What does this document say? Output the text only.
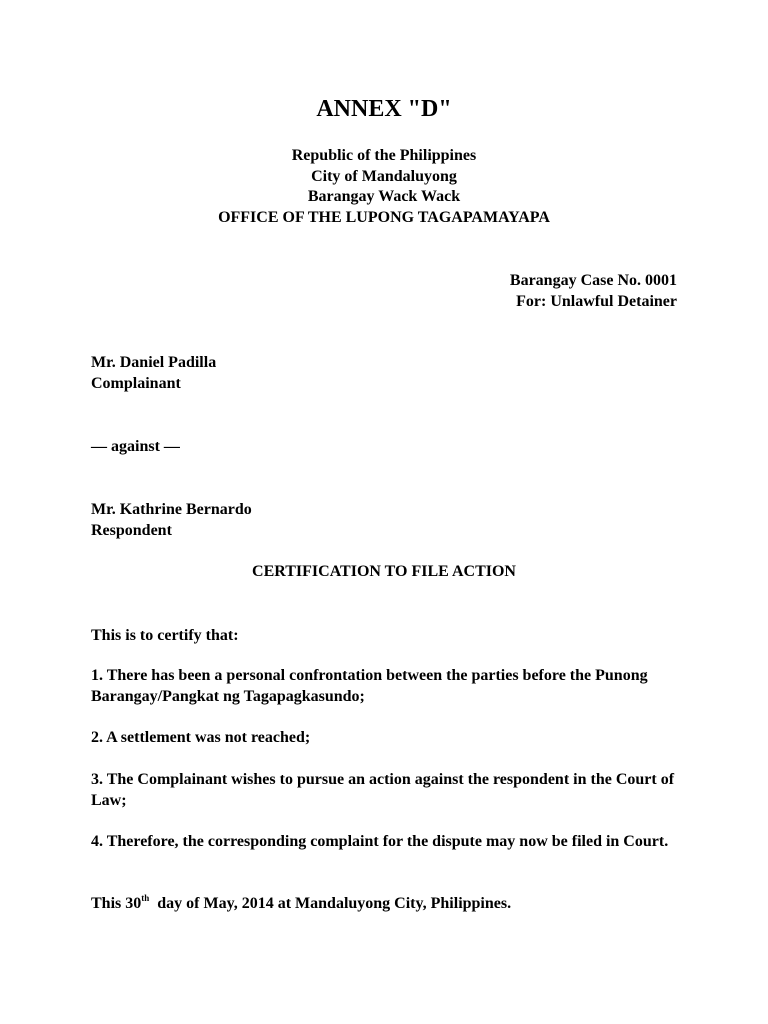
ANNEX "D"
Republic of the Philippines
City of Mandaluyong
Barangay Wack Wack
OFFICE OF THE LUPONG TAGAPAMAYAPA
Barangay Case No. 0001
For: Unlawful Detainer
Mr. Daniel Padilla
Complainant
— against —
Mr. Kathrine Bernardo
Respondent
CERTIFICATION TO FILE ACTION
This is to certify that:
1. There has been a personal confrontation between the parties before the Punong Barangay/Pangkat ng Tagapagkasundo;
2. A settlement was not reached;
3. The Complainant wishes to pursue an action against the respondent in the Court of Law;
4. Therefore, the corresponding complaint for the dispute may now be filed in Court.
This 30th  day of May, 2014 at Mandaluyong City, Philippines.
